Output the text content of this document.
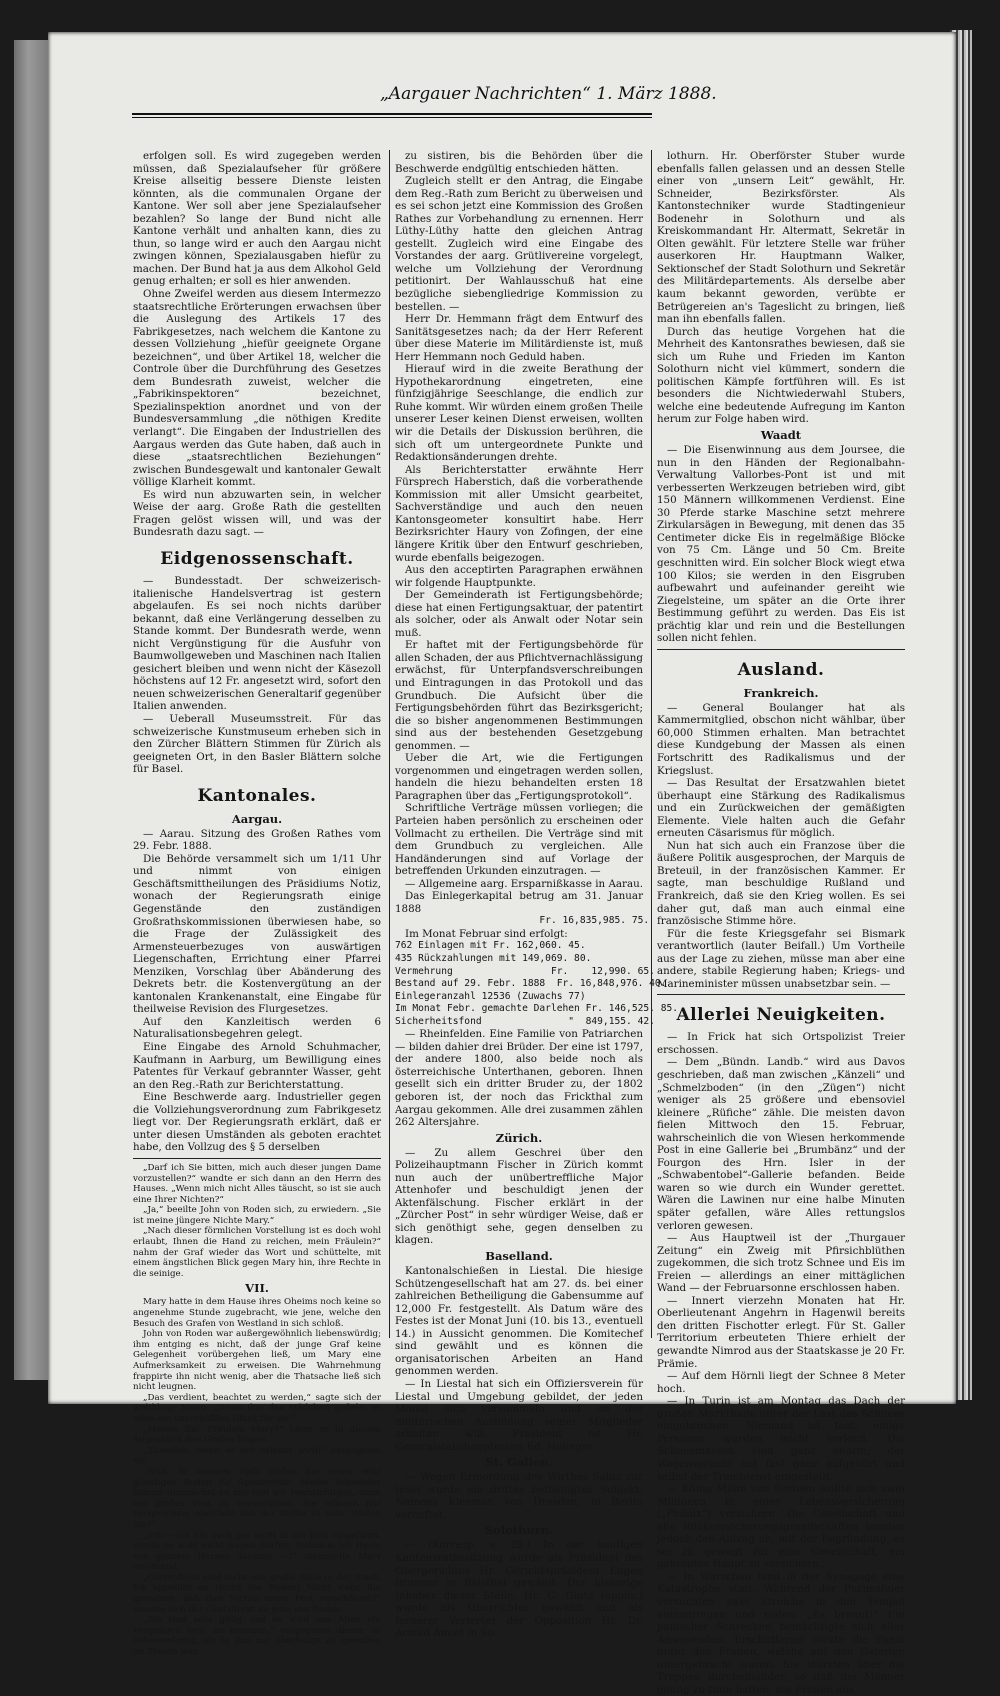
„Aargauer Nachrichten“ 1. März 1888.

erfolgen soll. Es wird zugegeben werden müssen, daß Spezialaufseher für größere Kreise allseitig bessere Dienste leisten könnten, als die communalen Organe der Kantone. Wer soll aber jene Spezialaufseher bezahlen? So lange der Bund nicht alle Kantone verhält und anhalten kann, dies zu thun, so lange wird er auch den Aargau nicht zwingen können, Spezialausgaben hiefür zu machen. Der Bund hat ja aus dem Alkohol Geld genug erhalten; er soll es hier anwenden.

Ohne Zweifel werden aus diesem Intermezzo staatsrechtliche Erörterungen erwachsen über die Auslegung des Artikels 17 des Fabrikgesetzes, nach welchem die Kantone zu dessen Vollziehung „hiefür geeignete Organe bezeichnen“, und über Artikel 18, welcher die Controle über die Durchführung des Gesetzes dem Bundesrath zuweist, welcher die „Fabrikinspektoren“ bezeichnet, Spezialinspektion anordnet und von der Bundesversammlung „die nöthigen Kredite verlangt“. Die Eingaben der Industriellen des Aargaus werden das Gute haben, daß auch in diese „staatsrechtlichen Beziehungen“ zwischen Bundesgewalt und kantonaler Gewalt völlige Klarheit kommt.

Es wird nun abzuwarten sein, in welcher Weise der aarg. Große Rath die gestellten Fragen gelöst wissen will, und was der Bundesrath dazu sagt. —

Eidgenossenschaft.

— Bundesstadt. Der schweizerisch-italienische Handelsvertrag ist gestern abgelaufen. Es sei noch nichts darüber bekannt, daß eine Verlängerung desselben zu Stande kommt. Der Bundesrath werde, wenn nicht Vergünstigung für die Ausfuhr von Baumwollgeweben und Maschinen nach Italien gesichert bleiben und wenn nicht der Käsezoll höchstens auf 12 Fr. angesetzt wird, sofort den neuen schweizerischen Generaltarif gegenüber Italien anwenden.

— Ueberall Museumsstreit. Für das schweizerische Kunstmuseum erheben sich in den Zürcher Blättern Stimmen für Zürich als geeigneten Ort, in den Basler Blättern solche für Basel.

Kantonales.
Aargau.

— Aarau. Sitzung des Großen Rathes vom 29. Febr. 1888.

Die Behörde versammelt sich um 1/11 Uhr und nimmt von einigen Geschäftsmittheilungen des Präsidiums Notiz, wonach der Regierungsrath einige Gegenstände den zuständigen Großrathskommissionen überwiesen habe, so die Frage der Zulässigkeit des Armensteuerbezuges von auswärtigen Liegenschaften, Errichtung einer Pfarrei Menziken, Vorschlag über Abänderung des Dekrets betr. die Kostenvergütung an der kantonalen Krankenanstalt, eine Eingabe für theilweise Revision des Flurgesetzes.

Auf den Kanzleitisch werden 6 Naturalisationsbegehren gelegt.

Eine Eingabe des Arnold Schuhmacher, Kaufmann in Aarburg, um Bewilligung eines Patentes für Verkauf gebrannter Wasser, geht an den Reg.-Rath zur Berichterstattung.

Eine Beschwerde aarg. Industrieller gegen die Vollziehungsverordnung zum Fabrikgesetz liegt vor. Der Regierungsrath erklärt, daß er unter diesen Umständen als geboten erachtet habe, den Vollzug des § 5 derselben

„Darf ich Sie bitten, mich auch dieser jungen Dame vorzustellen?“ wandte er sich dann an den Herrn des Hauses. „Wenn mich nicht Alles täuscht, so ist sie auch eine Ihrer Nichten?“

„Ja,“ beeilte John von Roden sich, zu erwiedern. „Sie ist meine jüngere Nichte Mary.“

„Nach dieser förmlichen Vorstellung ist es doch wohl erlaubt, Ihnen die Hand zu reichen, mein Fräulein?“ nahm der Graf wieder das Wort und schüttelte, mit einem ängstlichen Blick gegen Mary hin, ihre Rechte in die seinige.

VII.

Mary hatte in dem Hause ihres Oheims noch keine so angenehme Stunde zugebracht, wie jene, welche den Besuch des Grafen von Westland in sich schloß.

John von Roden war außergewöhnlich liebenswürdig; ihm entging es nicht, daß der junge Graf keine Gelegenheit vorübergehen ließ, um Mary eine Aufmerksamkeit zu erweisen. Die Wahrnehmung frappirte ihn nicht wenig, aber die Thatsache ließ sich nicht leugnen.

„Das verdient, beachtet zu werden,“ sagte sich der weltkluge Mann. „Wenn ihm das Mädchen gefiele, es wäre ein unverhofftes Glück für sie!“

„Meiten Sie, Fräulein Mary?“ hörte er in diesem Augenblick den Grafen fragen.

„Zuweilen, wenn es mir erlaubt wird!“ entgegnete sie.

„Nun, in meinem Park finden Sie einen sehr günstigen Boden für Spazierritte. Meine Schwester kommt demnächst zu mir und wir beabsichtigen, dann ein großes Fest zu veranstalten. Sie müssen mir versprechen, ebenfalls von der Partie zu sein. Wollen Sie?“

„Ich — ich bin noch gar nicht in die Welt eingeführt, werde es wohl nicht wagen dürfen, trotzdem ich Ihnen von ganzem Herzen dankbar —!“ stammelte Mary erröthend.

„Gartenfeste sind nicht wie große Bälle in der Stadt. Ich appellire an Herrn von Roden! Nicht wahr, Sie gestatten, daß Ihre Nichte unser Fest verschönert?“ wandte sich der Graf direkt an John von Roden.

„Sie sind sehr gütig und es wird uns Allen ein Vergnügen sein, zu kommen,“ entgegnete dieser, so liebenswürdig, als es ihm nur überhaupt zu sprechen im Stande war.

zu sistiren, bis die Behörden über die Beschwerde endgültig entschieden hätten.

Zugleich stellt er den Antrag, die Eingabe dem Reg.-Rath zum Bericht zu überweisen und es sei schon jetzt eine Kommission des Großen Rathes zur Vorbehandlung zu ernennen. Herr Lüthy-Lüthy hatte den gleichen Antrag gestellt. Zugleich wird eine Eingabe des Vorstandes der aarg. Grütlivereine vorgelegt, welche um Vollziehung der Verordnung petitionirt. Der Wahlausschuß hat eine bezügliche siebengliedrige Kommission zu bestellen. —

Herr Dr. Hemmann frägt dem Entwurf des Sanitätsgesetzes nach; da der Herr Referent über diese Materie im Militärdienste ist, muß Herr Hemmann noch Geduld haben.

Hierauf wird in die zweite Berathung der Hypothekarordnung eingetreten, eine fünfzigjährige Seeschlange, die endlich zur Ruhe kommt. Wir würden einem großen Theile unserer Leser keinen Dienst erweisen, wollten wir die Details der Diskussion berühren, die sich oft um untergeordnete Punkte und Redaktionsänderungen drehte.

Als Berichterstatter erwähnte Herr Fürsprech Haberstich, daß die vorberathende Kommission mit aller Umsicht gearbeitet, Sachverständige und auch den neuen Kantonsgeometer konsultirt habe. Herr Bezirksrichter Haury von Zofingen, der eine längere Kritik über den Entwurf geschrieben, wurde ebenfalls beigezogen.

Aus den acceptirten Paragraphen erwähnen wir folgende Hauptpunkte.

Der Gemeinderath ist Fertigungsbehörde; diese hat einen Fertigungsaktuar, der patentirt als solcher, oder als Anwalt oder Notar sein muß.

Er haftet mit der Fertigungsbehörde für allen Schaden, der aus Pflichtvernachlässigung erwächst, für Unterpfandsverschreibungen und Eintragungen in das Protokoll und das Grundbuch. Die Aufsicht über die Fertigungsbehörden führt das Bezirksgericht; die so bisher angenommenen Bestimmungen sind aus der bestehenden Gesetzgebung genommen. —

Ueber die Art, wie die Fertigungen vorgenommen und eingetragen werden sollen, handeln die hiezu behandelten ersten 18 Paragraphen über das „Fertigungsprotokoll“.

Schriftliche Verträge müssen vorliegen; die Parteien haben persönlich zu erscheinen oder Vollmacht zu ertheilen. Die Verträge sind mit dem Grundbuch zu vergleichen. Alle Handänderungen sind auf Vorlage der betreffenden Urkunden einzutragen. —

— Allgemeine aarg. Ersparnißkasse in Aarau.

Das Einlegerkapital betrug am 31. Januar 1888

Fr. 16,835,985. 75.

Im Monat Februar sind erfolgt:

762 Einlagen mit Fr. 162,060. 45.
435 Rückzahlungen mit 149,069. 80.

Vermehrung                 Fr.    12,990. 65.

Bestand auf 29. Febr. 1888  Fr. 16,848,976.
Einlegeranzahl 12536 (Zuwachs 77)
Im Monat Febr. gemachte Darlehen Fr. 146,525.
Sicherheitsfond               "  849,155.

— Rheinfelden. Eine Familie von Patriarchen — bilden dahier drei Brüder. Der eine ist 1797, der andere 1800, also beide noch als österreichische Unterthanen, geboren. Ihnen gesellt sich ein dritter Bruder zu, der 1802 geboren ist, der noch das Frickthal zum Aargau gekommen. Alle drei zusammen zählen 262 Altersjahre.

Zürich.

— Zu allem Geschrei über den Polizeihauptmann Fischer in Zürich kommt nun auch der unübertreffliche Major Attenhofer und beschuldigt jenen der Aktenfälschung. Fischer erklärt in der „Zürcher Post“ in sehr würdiger Weise, daß er sich genöthigt sehe, gegen denselben zu klagen.

Baselland.

Kantonalschießen in Liestal. Die hiesige Schützengesellschaft hat am 27. ds. bei einer zahlreichen Betheiligung die Gabensumme auf 12,000 Fr. festgestellt. Als Datum wäre des Festes ist der Monat Juni (10. bis 13., eventuell 14.) in Aussicht genommen. Die Komitechef sind gewählt und es können die organisatorischen Arbeiten an Hand genommen werden.

— In Liestal hat sich ein Offiziersverein für Liestal und Umgebung gebildet, der jeden Monat sich versammeln und an der militärischen Ausbildung seiner Mitglieder arbeiten will. Präsident ist Hr. Generalstabshauptmann Ed. Holinger.

St. Gallen.

— Wegen Ermordung des Wirthes Saluz zur Insel wurde ein drittes betheiligtes Subjekt, Namens Kleeman von Dresden, in Berlin verhaftet.

Solothurn.

— (Korresp. v. 29.) In der heutigen Kantonsrathssitzung wurde als Präsident des Obergerichtes Hr. Gerichtspräsident Eugen Brunner in Balsthal gewählt. Der bisherige Inhaber dieser Stelle, Hr. C. Glutz (oppos.) wurde als Oberrichter gewählt und als fernerer Vertreter der Opposition Hr. Dr. Arnold Amiet in So-

lothurn. Hr. Oberförster Stuber wurde ebenfalls fallen gelassen und an dessen Stelle einer von „unsern Leit“ gewählt, Hr. Schneider, Bezirksförster. Als Kantonstechniker wurde Stadtingenieur Bodenehr in Solothurn und als Kreiskommandant Hr. Altermatt, Sekretär in Olten gewählt. Für letztere Stelle war früher auserkoren Hr. Hauptmann Walker, Sektionschef der Stadt Solothurn und Sekretär des Militärdepartements. Als derselbe aber kaum bekannt geworden, verübte er Betrügereien an's Tageslicht zu bringen, ließ man ihn ebenfalls fallen.

Durch das heutige Vorgehen hat die Mehrheit des Kantonsrathes bewiesen, daß sie sich um Ruhe und Frieden im Kanton Solothurn nicht viel kümmert, sondern die politischen Kämpfe fortführen will. Es ist besonders die Nichtwiederwahl Stubers, welche eine bedeutende Aufregung im Kanton herum zur Folge haben wird.

Waadt

— Die Eisenwinnung aus dem Joursee, die nun in den Händen der Regionalbahn-Verwaltung Vallorbes-Pont ist und mit verbesserten Werkzeugen betrieben wird, gibt 150 Männern willkommenen Verdienst. Eine 30 Pferde starke Maschine setzt mehrere Zirkularsägen in Bewegung, mit denen das 35 Centimeter dicke Eis in regelmäßige Blöcke von 75 Cm. Länge und 50 Cm. Breite geschnitten wird. Ein solcher Block wiegt etwa 100 Kilos; sie werden in den Eisgruben aufbewahrt und aufeinander gereiht wie Ziegelsteine, um später an die Orte ihrer Bestimmung geführt zu werden. Das Eis ist prächtig klar und rein und die Bestellungen sollen nicht fehlen.

Ausland.
Frankreich.

— General Boulanger hat als Kammermitglied, obschon nicht wählbar, über 60,000 Stimmen erhalten. Man betrachtet diese Kundgebung der Massen als einen Fortschritt des Radikalismus und der Kriegslust.

— Das Resultat der Ersatzwahlen bietet überhaupt eine Stärkung des Radikalismus und ein Zurückweichen der gemäßigten Elemente. Viele halten auch die Gefahr erneuten Cäsarismus für möglich.

Nun hat sich auch ein Franzose über die äußere Politik ausgesprochen, der Marquis de Breteuil, in der französischen Kammer. Er sagte, man beschuldige Rußland und Frankreich, daß sie den Krieg wollen. Es sei daher gut, daß man auch einmal eine französische Stimme höre.

Für die feste Kriegsgefahr sei Bismark verantwortlich (lauter Beifall.) Um Vortheile aus der Lage zu ziehen, müsse man aber eine andere, stabile Regierung haben; Kriegs- und Marineminister müssen unabsetzbar sein. —

Allerlei Neuigkeiten.

— In Frick hat sich Ortspolizist Treier erschossen.

— Dem „Bündn. Landb.“ wird aus Davos geschrieben, daß man zwischen „Känzeli“ und „Schmelzboden“ (in den „Zügen“) nicht weniger als 25 größere und ebensoviel kleinere „Rüfiche“ zähle. Die meisten davon fielen Mittwoch den 15. Februar, wahrscheinlich die von Wiesen herkommende Post in eine Gallerie bei „Brumbänz“ und der Fourgon des Hrn. Isler in der „Schwabentobel“-Gallerie befanden. Beide waren so wie durch ein Wunder gerettet. Wären die Lawinen nur eine halbe Minuten später gefallen, wäre Alles rettungslos verloren gewesen.

— Aus Hauptweil ist der „Thurgauer Zeitung“ ein Zweig mit Pfirsichblüthen zugekommen, die sich trotz Schnee und Eis im Freien — allerdings an einer mittäglichen Wand — der Februarsonne erschlossen haben.

— Innert vierzehn Monaten hat Hr. Oberlieutenant Angehrn in Hagenwil bereits den dritten Fischotter erlegt. Für St. Galler Territorium erbeuteten Thiere erhielt der gewandte Nimrod aus der Staatskasse je 20 Fr. Prämie.

— Auf dem Hörnli liegt der Schnee 8 Meter hoch.

— In Turin ist am Montag das Dach der großen Markthalle unter der Last des Schnees eingebrochen. Niemand ist todt, einige Personen wurden leicht verletzt. Die Schneemassen sind ganz enorm; der Wagenverkehr hat fast ganz aufgehört und selbst der Trambienst eingestellt.

— König Milan von Serbien wollte sich zwei Millionen in einer Lebensversicherung („Phönix“) versichern. Die Gesellschaft und alle Rückversicherungsgesellschaften lehnten jedoch den Antrag ab, mit der Begründung, es sei zu gewagt für eine Gesellschaft, ein gekröntes Haupt zu versichern.

— In Warschau fand in der Synagoge eine Katastrophe statt. Während der Purimsfeier versuchten zwei Strolche in den Tempel einzudringen und riefen: „Es brennt!“ Ein panischer Schrecken bemächtigte sich aller Anwesenden. Erschütternd wirkte die Panik unter den Frauen, welche auf den Galerien untergebracht waren. Sie stürzten über die Treppen durcheinander, so daß die Männer genug zu thun hatten, die Frauen aus
